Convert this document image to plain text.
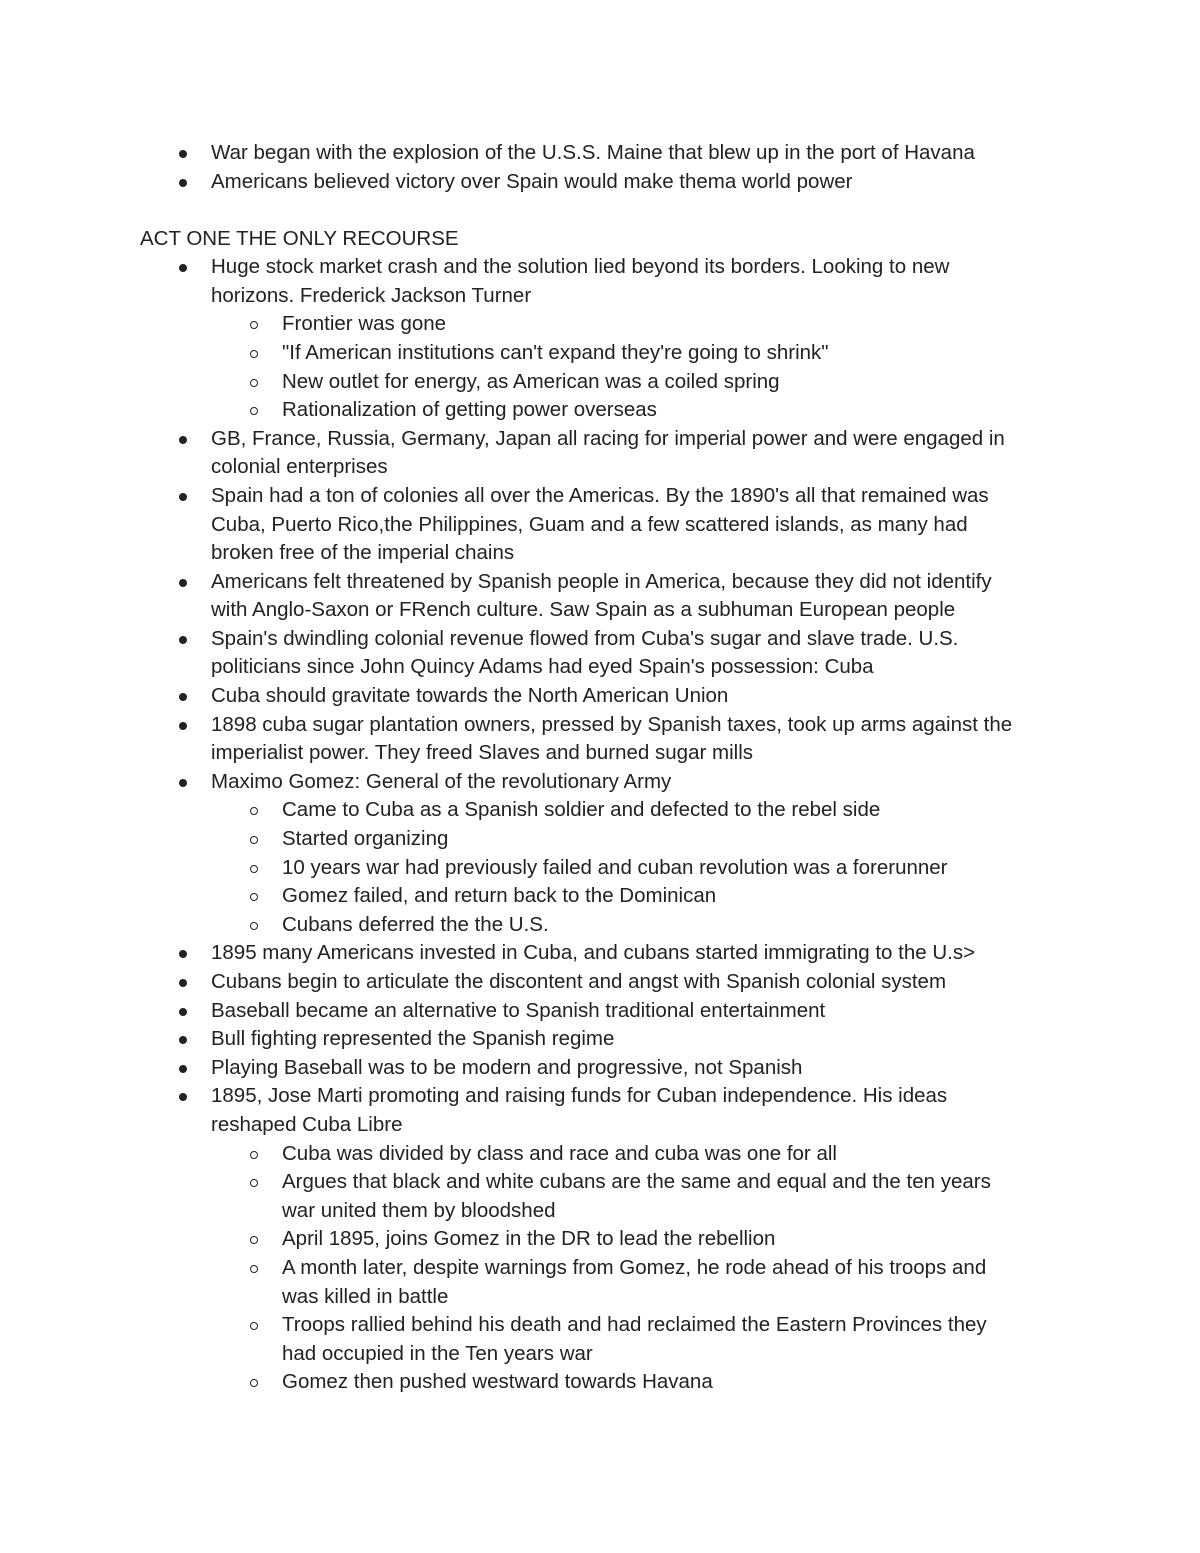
War began with the explosion of the U.S.S. Maine that blew up in the port of Havana
Americans believed victory over Spain would make thema world power
ACT ONE THE ONLY RECOURSE
Huge stock market crash and the solution lied beyond its borders. Looking to new
horizons. Frederick Jackson Turner
Frontier was gone
"If American institutions can't expand they're going to shrink"
New outlet for energy, as American was a coiled spring
Rationalization of getting power overseas
GB, France, Russia, Germany, Japan all racing for imperial power and were engaged in
colonial enterprises
Spain had a ton of colonies all over the Americas. By the 1890's all that remained was
Cuba, Puerto Rico,the Philippines, Guam and a few scattered islands, as many had
broken free of the imperial chains
Americans felt threatened by Spanish people in America, because they did not identify
with Anglo-Saxon or FRench culture. Saw Spain as a subhuman European people
Spain's dwindling colonial revenue flowed from Cuba's sugar and slave trade. U.S.
politicians since John Quincy Adams had eyed Spain's possession: Cuba
Cuba should gravitate towards the North American Union
1898 cuba sugar plantation owners, pressed by Spanish taxes, took up arms against the
imperialist power. They freed Slaves and burned sugar mills
Maximo Gomez: General of the revolutionary Army
Came to Cuba as a Spanish soldier and defected to the rebel side
Started organizing
10 years war had previously failed and cuban revolution was a forerunner
Gomez failed, and return back to the Dominican
Cubans deferred the the U.S.
1895 many Americans invested in Cuba, and cubans started immigrating to the U.s>
Cubans begin to articulate the discontent and angst with Spanish colonial system
Baseball became an alternative to Spanish traditional entertainment
Bull fighting represented the Spanish regime
Playing Baseball was to be modern and progressive, not Spanish
1895, Jose Marti promoting and raising funds for Cuban independence. His ideas
reshaped Cuba Libre
Cuba was divided by class and race and cuba was one for all
Argues that black and white cubans are the same and equal and the ten years
war united them by bloodshed
April 1895, joins Gomez in the DR to lead the rebellion
A month later, despite warnings from Gomez, he rode ahead of his troops and
was killed in battle
Troops rallied behind his death and had reclaimed the Eastern Provinces they
had occupied in the Ten years war
Gomez then pushed westward towards Havana
